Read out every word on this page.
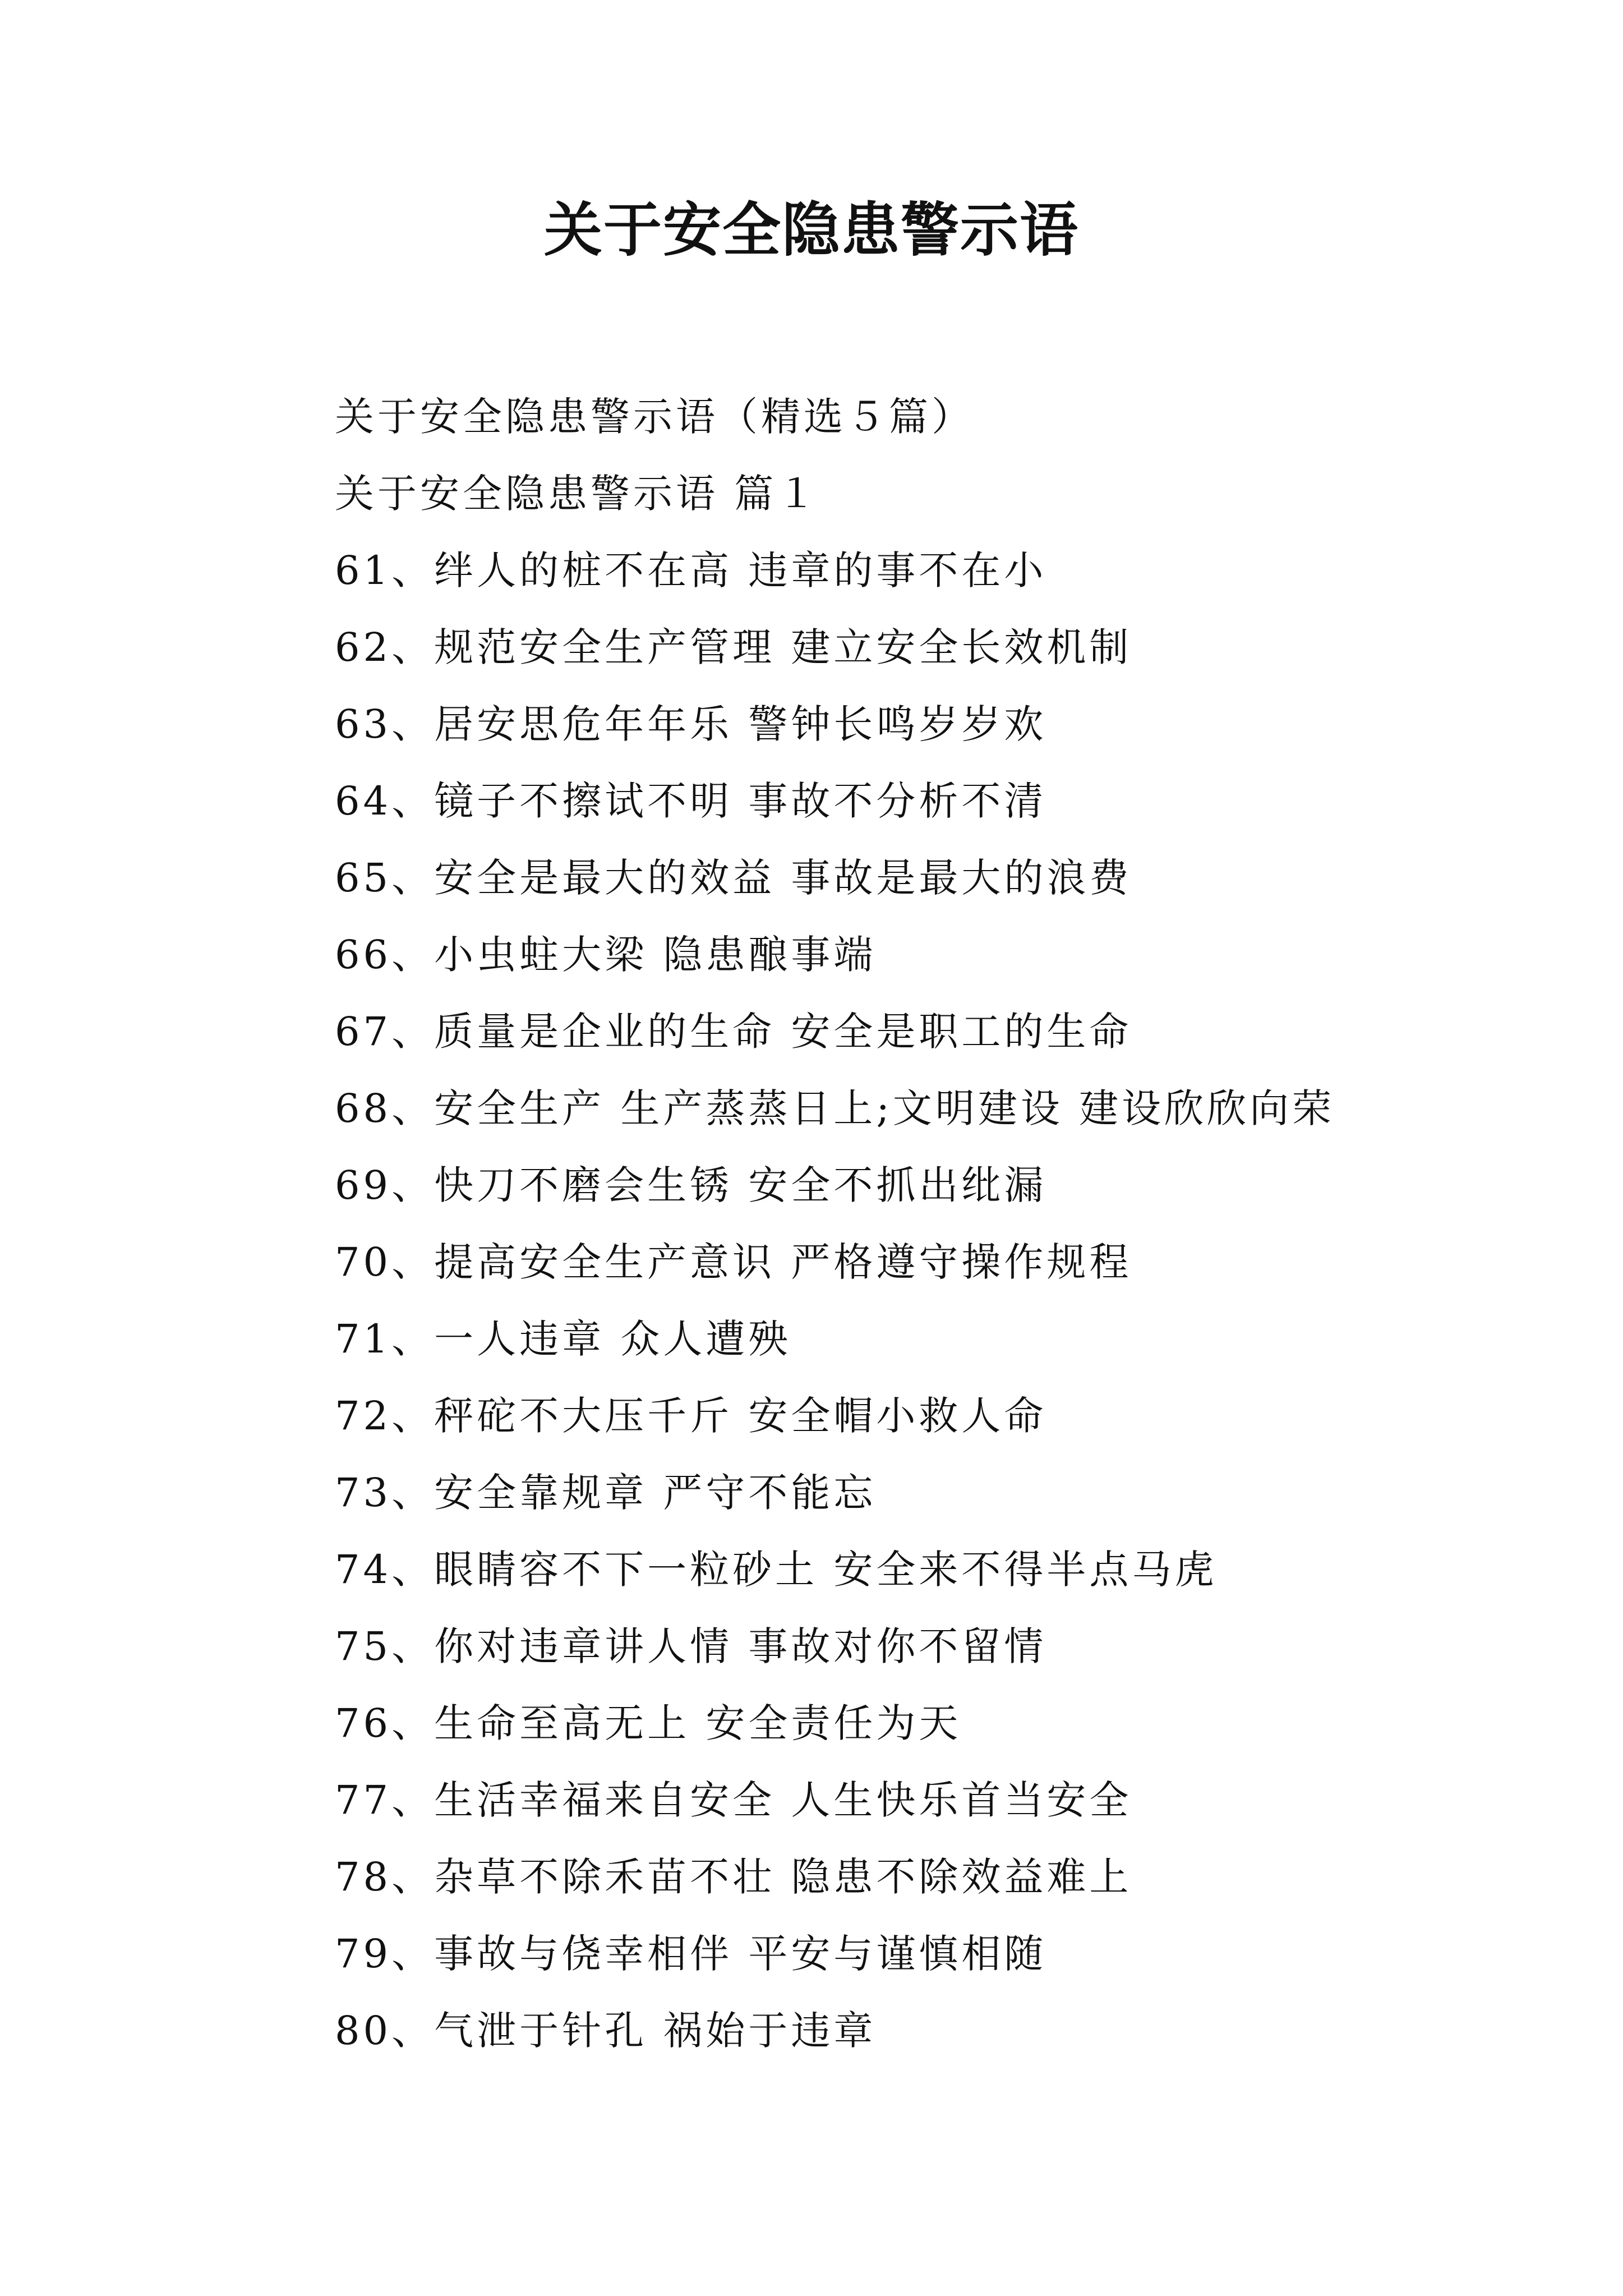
关于安全隐患警示语
关于安全隐患警示语（精选５篇）
关于安全隐患警示语 篇１
61、绊人的桩不在高 违章的事不在小
62、规范安全生产管理 建立安全长效机制
63、居安思危年年乐 警钟长鸣岁岁欢
64、镜子不擦试不明 事故不分析不清
65、安全是最大的效益 事故是最大的浪费
66、小虫蛀大梁 隐患酿事端
67、质量是企业的生命 安全是职工的生命
68、安全生产 生产蒸蒸日上;文明建设 建设欣欣向荣
69、快刀不磨会生锈 安全不抓出纰漏
70、提高安全生产意识 严格遵守操作规程
71、一人违章 众人遭殃
72、秤砣不大压千斤 安全帽小救人命
73、安全靠规章 严守不能忘
74、眼睛容不下一粒砂土 安全来不得半点马虎
75、你对违章讲人情 事故对你不留情
76、生命至高无上 安全责任为天
77、生活幸福来自安全 人生快乐首当安全
78、杂草不除禾苗不壮 隐患不除效益难上
79、事故与侥幸相伴 平安与谨慎相随
80、气泄于针孔 祸始于违章
